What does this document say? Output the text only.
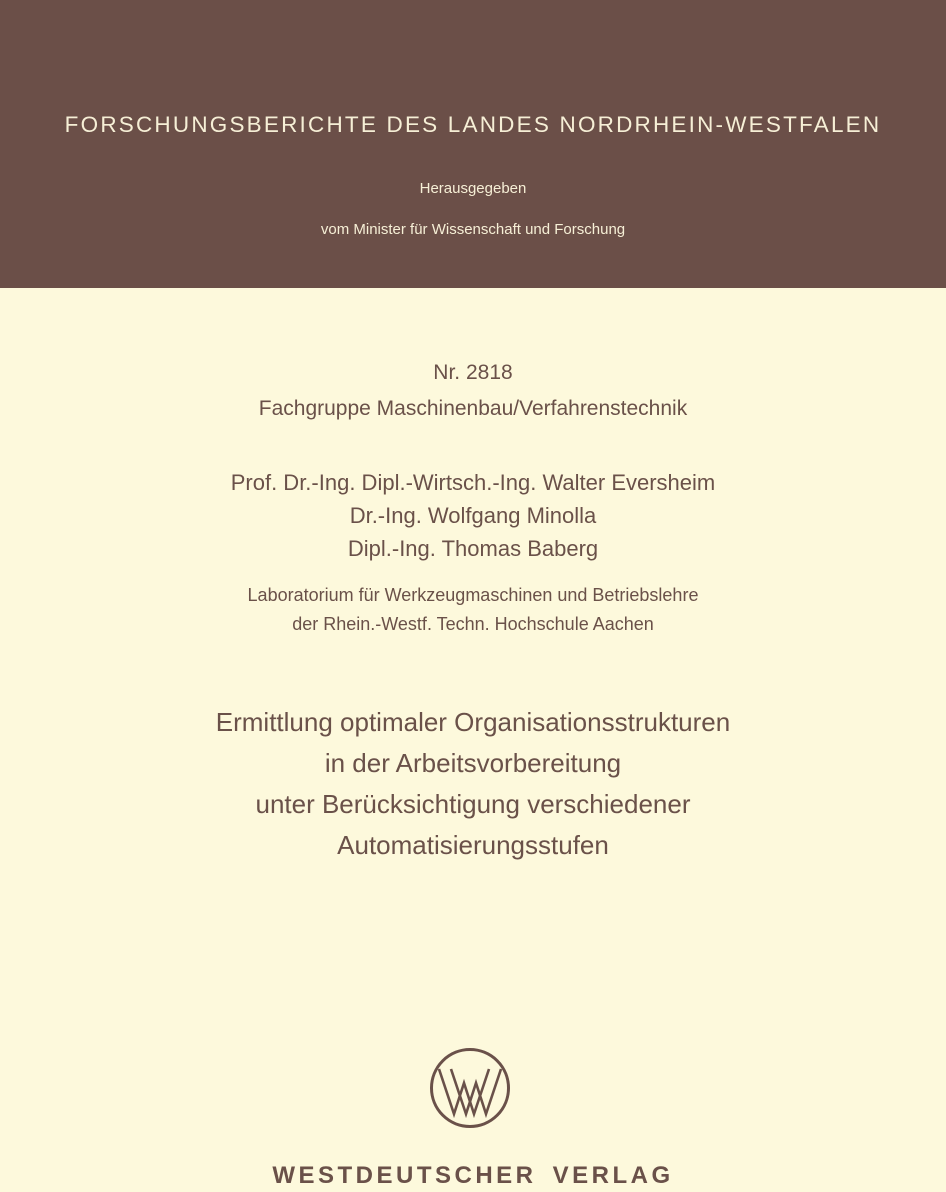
FORSCHUNGSBERICHTE DES LANDES NORDRHEIN-WESTFALEN
Herausgegeben
vom Minister für Wissenschaft und Forschung
Nr. 2818
Fachgruppe Maschinenbau/Verfahrenstechnik
Prof. Dr.-Ing. Dipl.-Wirtsch.-Ing. Walter Eversheim
Dr.-Ing. Wolfgang Minolla
Dipl.-Ing. Thomas Baberg
Laboratorium für Werkzeugmaschinen und Betriebslehre
der Rhein.-Westf. Techn. Hochschule Aachen
Ermittlung optimaler Organisationsstrukturen
in der Arbeitsvorbereitung
unter Berücksichtigung verschiedener
Automatisierungsstufen
WESTDEUTSCHER VERLAG
